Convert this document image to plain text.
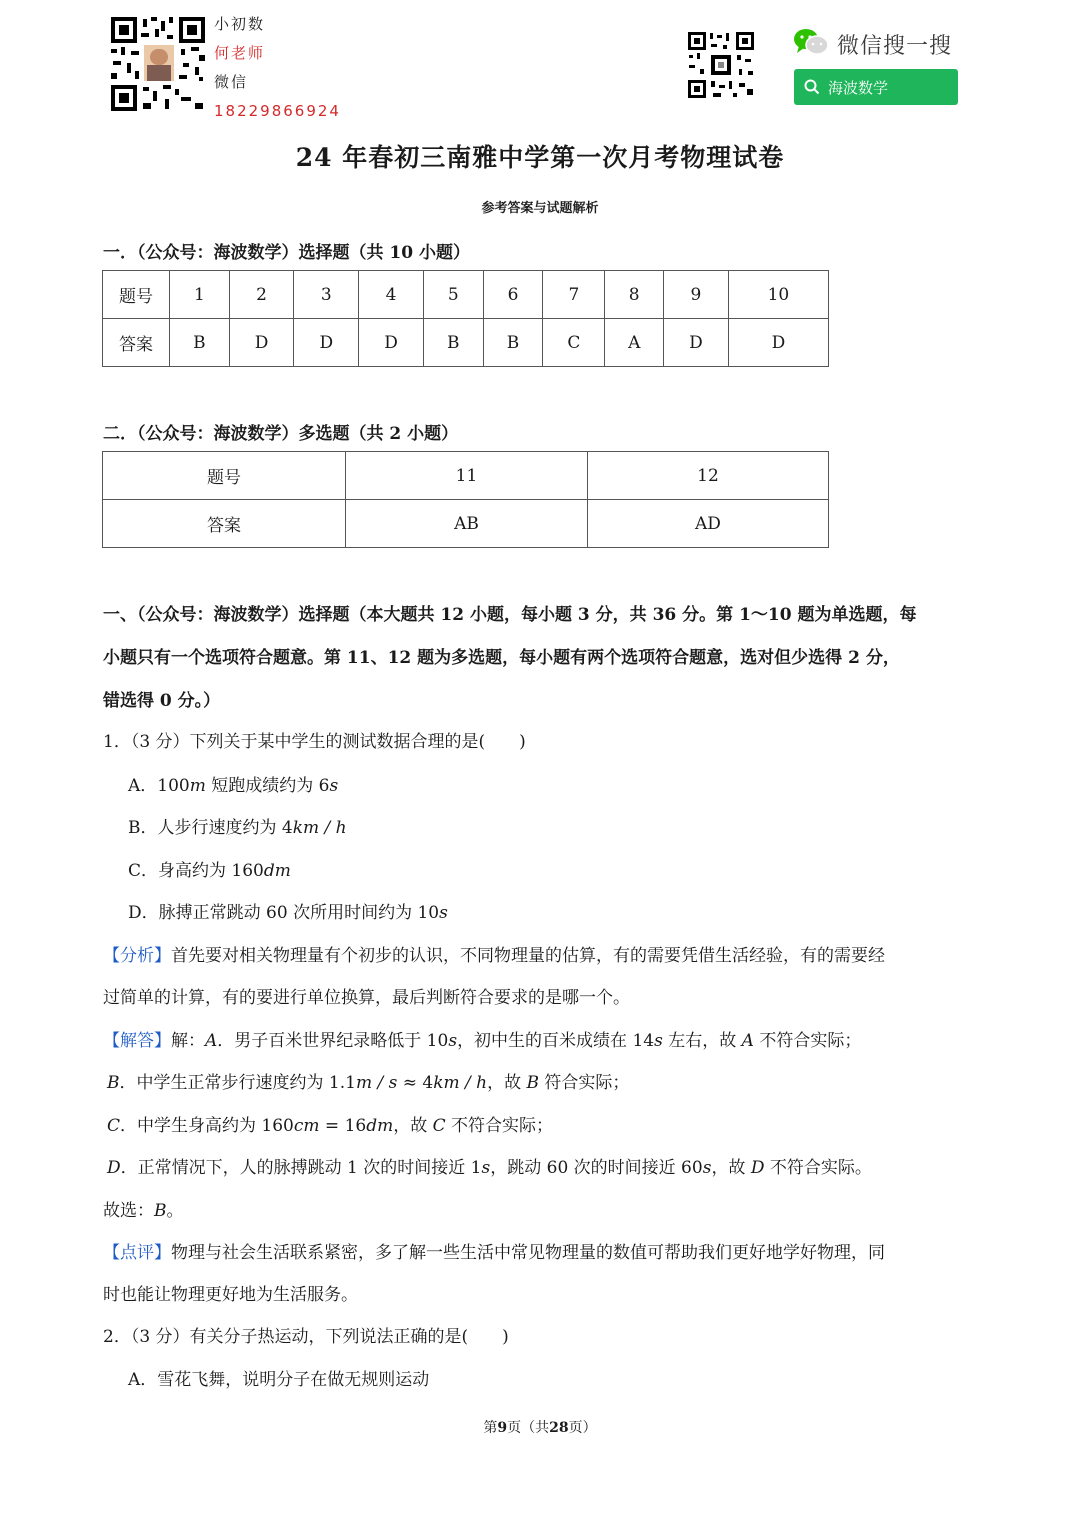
小初数
何老师
微信
18229866924
微信搜一搜
海波数学
24 年春初三南雅中学第一次月考物理试卷
参考答案与试题解析
一．（公众号：海波数学）选择题（共 10 小题）
题号	1	2	3	4	5	6	7	8	9	10
答案	B	D	D	D	B	B	C	A	D	D
二．（公众号：海波数学）多选题（共 2 小题）
题号	11	12
答案	AB	AD
一、（公众号：海波数学）选择题（本大题共 12 小题，每小题 3 分，共 36 分。第 1～10 题为单选题，每
小题只有一个选项符合题意。第 11、12 题为多选题，每小题有两个选项符合题意，选对但少选得 2 分，
错选得 0 分。）
1．（3 分）下列关于某中学生的测试数据合理的是(　　)
A．100m 短跑成绩约为 6s
B．人步行速度约为 4km / h
C．身高约为 160dm
D．脉搏正常跳动 60 次所用时间约为 10s
【分析】首先要对相关物理量有个初步的认识，不同物理量的估算，有的需要凭借生活经验，有的需要经
过简单的计算，有的要进行单位换算，最后判断符合要求的是哪一个。
【解答】解：A．男子百米世界纪录略低于 10s，初中生的百米成绩在 14s 左右，故 A 不符合实际；
B．中学生正常步行速度约为 1.1m / s ≈ 4km / h，故 B 符合实际；
C．中学生身高约为 160cm = 16dm，故 C 不符合实际；
D．正常情况下，人的脉搏跳动 1 次的时间接近 1s，跳动 60 次的时间接近 60s，故 D 不符合实际。
故选：B。
【点评】物理与社会生活联系紧密，多了解一些生活中常见物理量的数值可帮助我们更好地学好物理，同
时也能让物理更好地为生活服务。
2．（3 分）有关分子热运动，下列说法正确的是(　　)
A．雪花飞舞，说明分子在做无规则运动
第9页（共28页）
